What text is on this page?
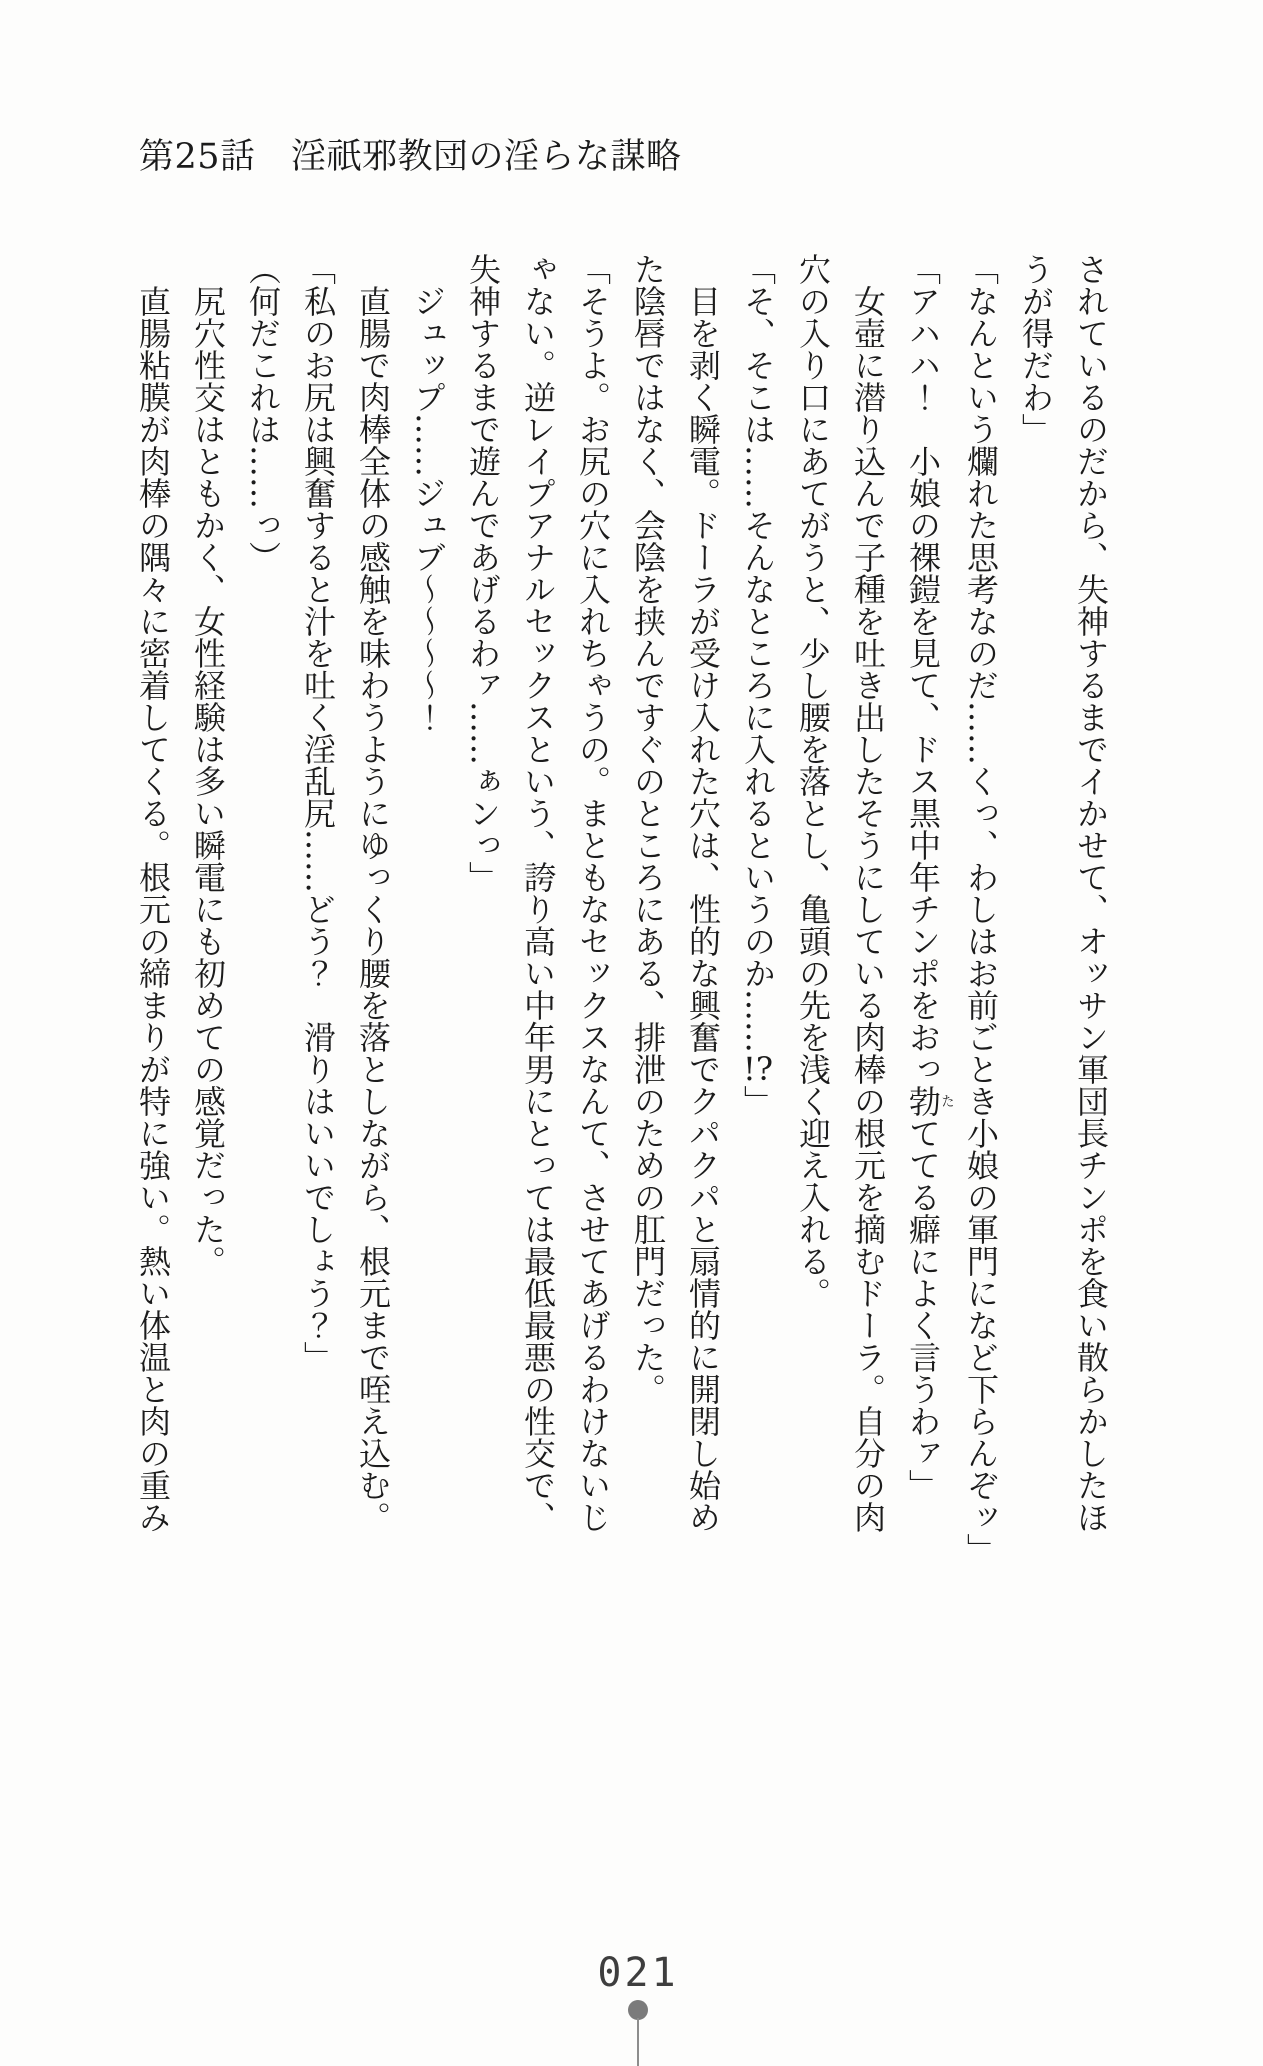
第25話　淫祇邪教団の淫らな謀略
されているのだから、失神するまでイかせて、オッサン軍団長チンポを食い散らかしたほ
うが得だわ」
「なんという爛れた思考なのだ……くっ、わしはお前ごとき小娘の軍門になど下らんぞッ」
「アハハ！　小娘の裸鎧を見て、ドス黒中年チンポをおっ勃たててる癖によく言うわァ」
女壺に潜り込んで子種を吐き出したそうにしている肉棒の根元を摘むドーラ。自分の肉
穴の入り口にあてがうと、少し腰を落とし、亀頭の先を浅く迎え入れる。
「そ、そこは……そんなところに入れるというのか……!?」
目を剥く瞬電。ドーラが受け入れた穴は、性的な興奮でクパクパと扇情的に開閉し始め
た陰唇ではなく、会陰を挟んですぐのところにある、排泄のための肛門だった。
「そうよ。お尻の穴に入れちゃうの。まともなセックスなんて、させてあげるわけないじ
ゃない。逆レイプアナルセックスという、誇り高い中年男にとっては最低最悪の性交で、
失神するまで遊んであげるわァ……ぁンっ」
ジュップ……ジュブ～～～～！
直腸で肉棒全体の感触を味わうようにゆっくり腰を落としながら、根元まで咥え込む。
「私のお尻は興奮すると汁を吐く淫乱尻……どう？　滑りはいいでしょう？」
（何だこれは……っ）
尻穴性交はともかく、女性経験は多い瞬電にも初めての感覚だった。
直腸粘膜が肉棒の隅々に密着してくる。根元の締まりが特に強い。熱い体温と肉の重み
021
